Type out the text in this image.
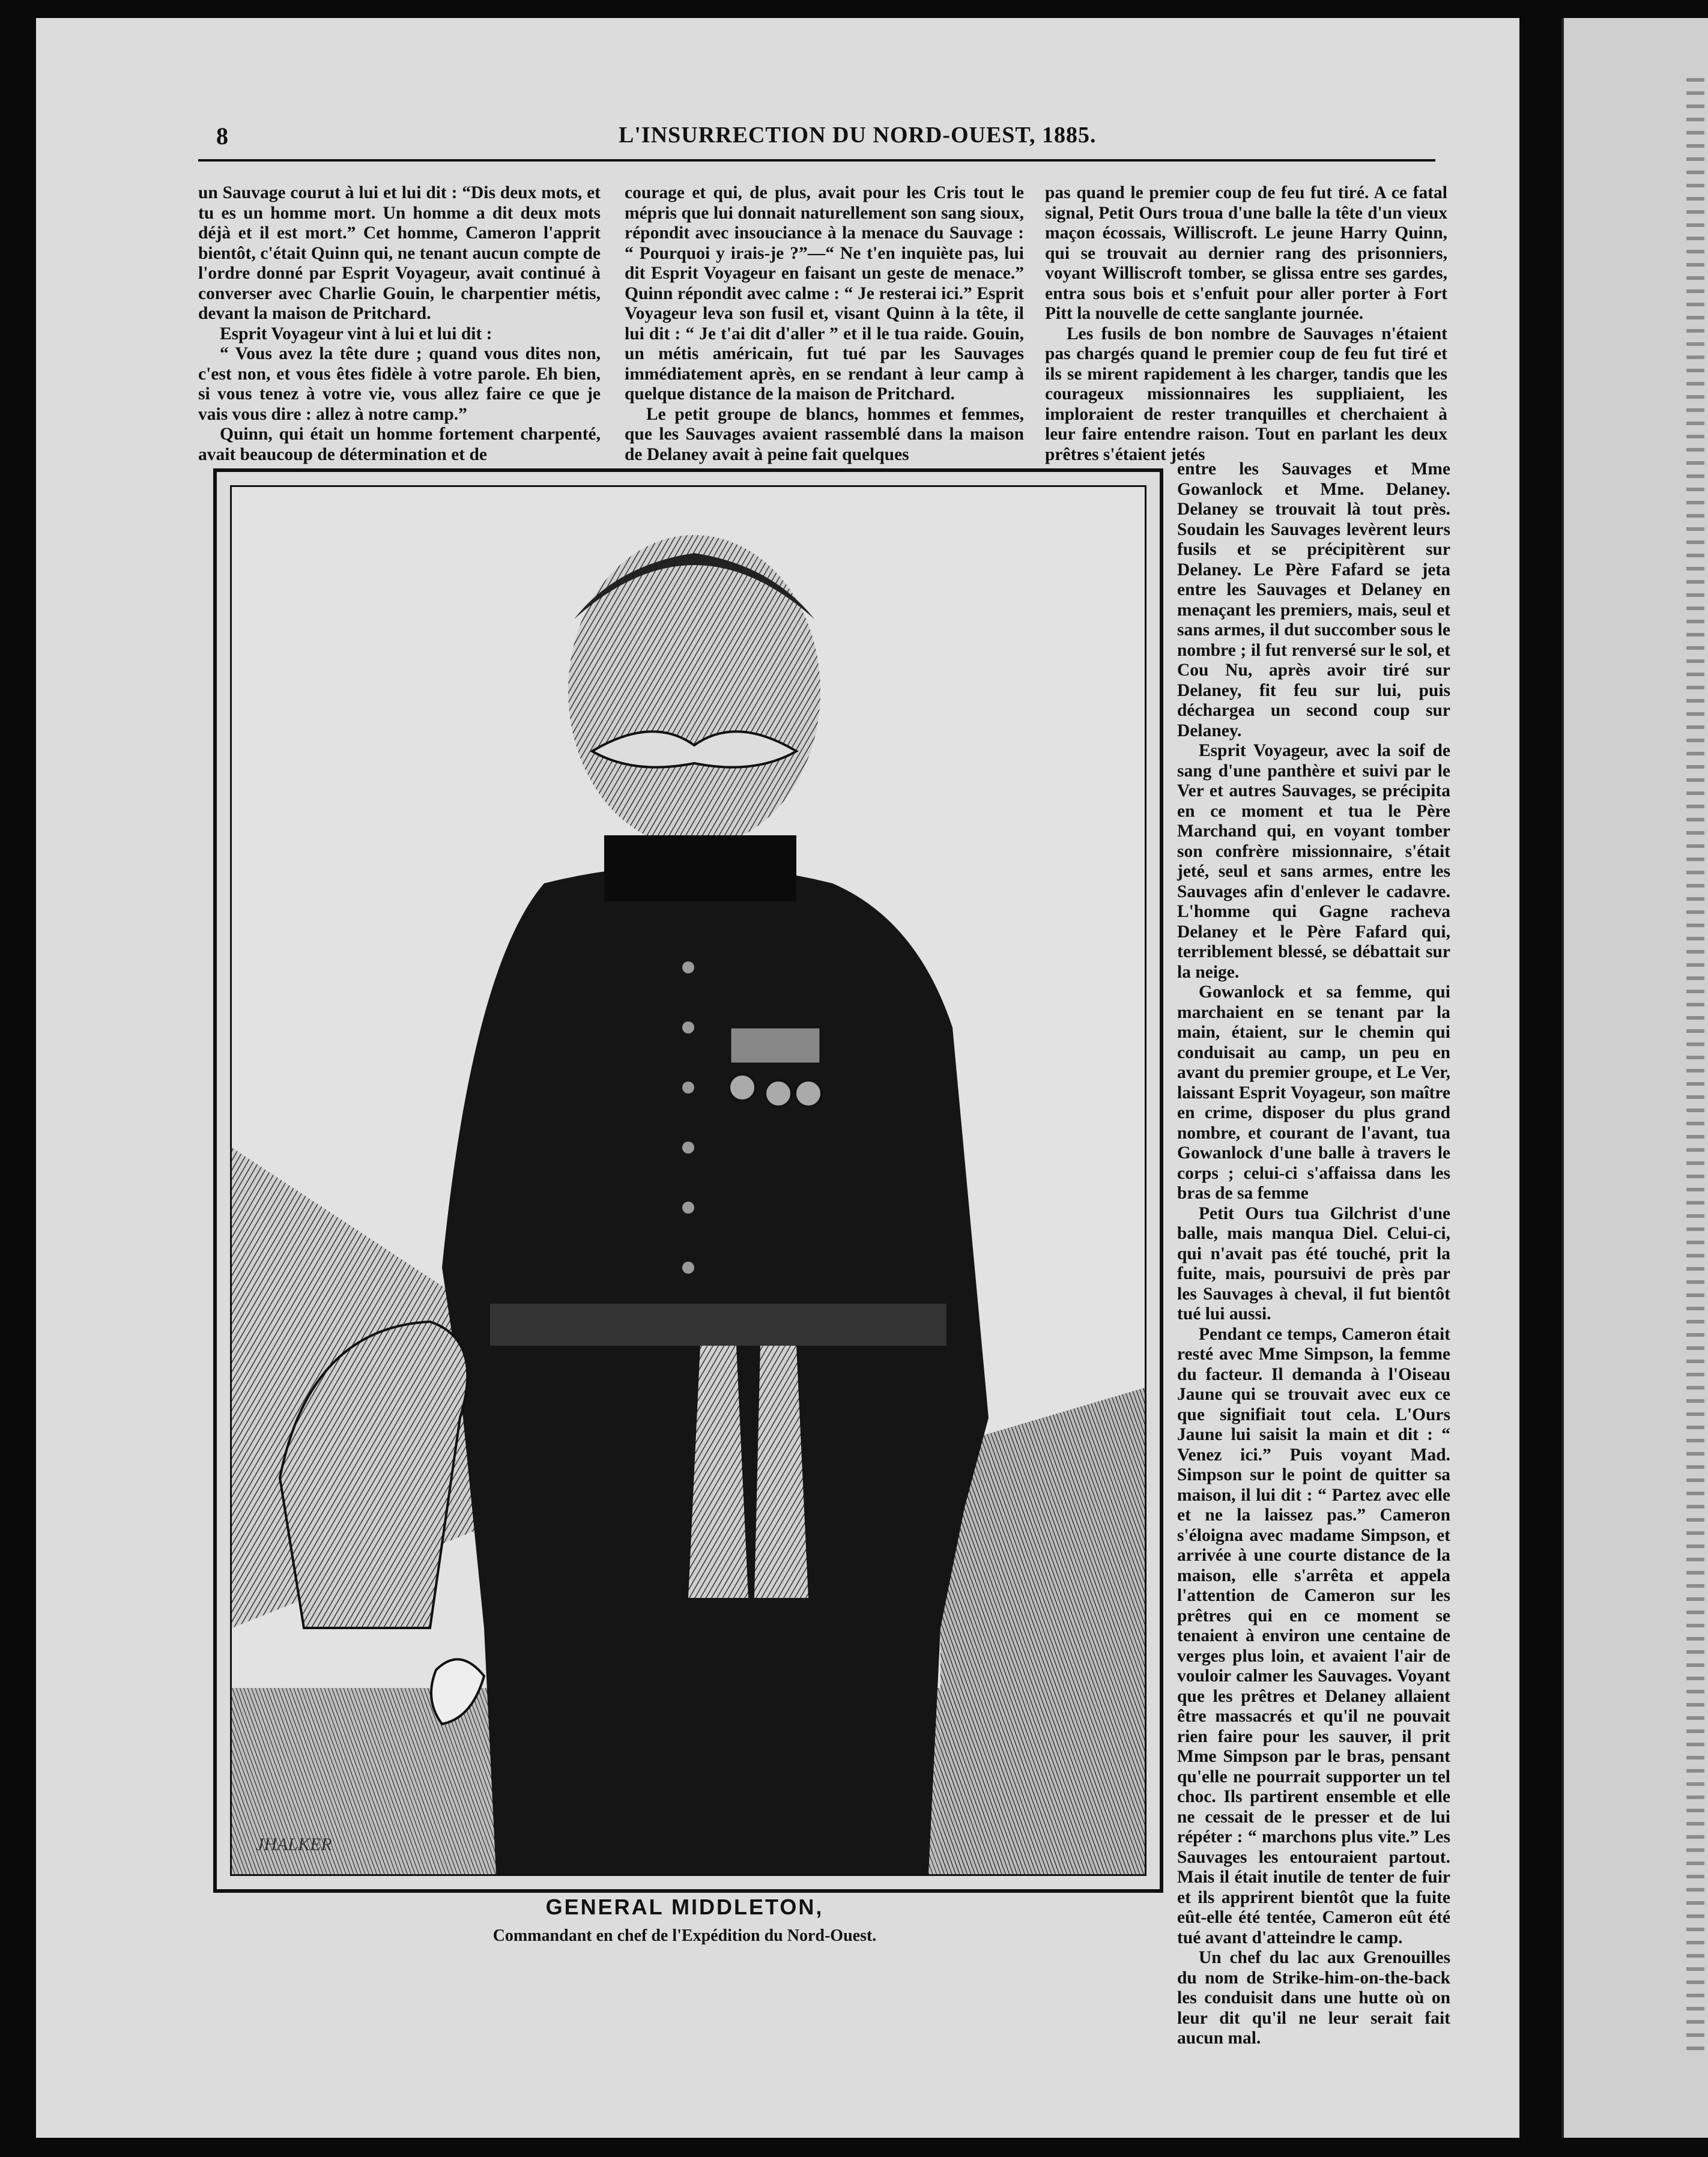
8	L'INSURRECTION DU NORD-OUEST, 1885.

un Sauvage courut à lui et lui dit : “Dis deux mots, et tu es un homme mort. Un homme a dit deux mots déjà et il est mort.” Cet homme, Cameron l'apprit bientôt, c'était Quinn qui, ne tenant aucun compte de l'ordre donné par Esprit Voyageur, avait continué à converser avec Charlie Gouin, le charpentier métis, devant la maison de Pritchard.

Esprit Voyageur vint à lui et lui dit :

“ Vous avez la tête dure ; quand vous dites non, c'est non, et vous êtes fidèle à votre parole. Eh bien, si vous tenez à votre vie, vous allez faire ce que je vais vous dire : allez à notre camp.”

Quinn, qui était un homme fortement charpenté, avait beaucoup de détermination et de

courage et qui, de plus, avait pour les Cris tout le mépris que lui donnait naturellement son sang sioux, répondit avec insouciance à la menace du Sauvage : “ Pourquoi y irais-je ?”—“ Ne t'en inquiète pas, lui dit Esprit Voyageur en faisant un geste de menace.” Quinn répondit avec calme : “ Je resterai ici.” Esprit Voyageur leva son fusil et, visant Quinn à la tête, il lui dit : “ Je t'ai dit d'aller ” et il le tua raide. Gouin, un métis américain, fut tué par les Sauvages immédiatement après, en se rendant à leur camp à quelque distance de la maison de Pritchard.

Le petit groupe de blancs, hommes et femmes, que les Sauvages avaient rassemblé dans la maison de Delaney avait à peine fait quelques

pas quand le premier coup de feu fut tiré. A ce fatal signal, Petit Ours troua d'une balle la tête d'un vieux maçon écossais, Williscroft. Le jeune Harry Quinn, qui se trouvait au dernier rang des prisonniers, voyant Williscroft tomber, se glissa entre ses gardes, entra sous bois et s'enfuit pour aller porter à Fort Pitt la nouvelle de cette sanglante journée.

Les fusils de bon nombre de Sauvages n'étaient pas chargés quand le premier coup de feu fut tiré et ils se mirent rapidement à les charger, tandis que les courageux missionnaires les suppliaient, les imploraient de rester tranquilles et cherchaient à leur faire entendre raison. Tout en parlant les deux prêtres s'étaient jetés

entre les Sauvages et Mme Gowanlock et Mme. Delaney. Delaney se trouvait là tout près. Soudain les Sauvages levèrent leurs fusils et se précipitèrent sur Delaney. Le Père Fafard se jeta entre les Sauvages et Delaney en menaçant les premiers, mais, seul et sans armes, il dut succomber sous le nombre ; il fut renversé sur le sol, et Cou Nu, après avoir tiré sur Delaney, fit feu sur lui, puis déchargea un second coup sur Delaney.

Esprit Voyageur, avec la soif de sang d'une panthère et suivi par le Ver et autres Sauvages, se précipita en ce moment et tua le Père Marchand qui, en voyant tomber son confrère missionnaire, s'était jeté, seul et sans armes, entre les Sauvages afin d'enlever le cadavre. L'homme qui Gagne racheva Delaney et le Père Fafard qui, terriblement blessé, se débattait sur la neige.

Gowanlock et sa femme, qui marchaient en se tenant par la main, étaient, sur le chemin qui conduisait au camp, un peu en avant du premier groupe, et Le Ver, laissant Esprit Voyageur, son maître en crime, disposer du plus grand nombre, et courant de l'avant, tua Gowanlock d'une balle à travers le corps ; celui-ci s'affaissa dans les bras de sa femme

Petit Ours tua Gilchrist d'une balle, mais manqua Diel. Celui-ci, qui n'avait pas été touché, prit la fuite, mais, poursuivi de près par les Sauvages à cheval, il fut bientôt tué lui aussi.

Pendant ce temps, Cameron était resté avec Mme Simpson, la femme du facteur. Il demanda à l'Oiseau Jaune qui se trouvait avec eux ce que signifiait tout cela. L'Ours Jaune lui saisit la main et dit : “ Venez ici.” Puis voyant Mad. Simpson sur le point de quitter sa maison, il lui dit : “ Partez avec elle et ne la laissez pas.” Cameron s'éloigna avec madame Simpson, et arrivée à une courte distance de la maison, elle s'arrêta et appela l'attention de Cameron sur les prêtres qui en ce moment se tenaient à environ une centaine de verges plus loin, et avaient l'air de vouloir calmer les Sauvages. Voyant que les prêtres et Delaney allaient être massacrés et qu'il ne pouvait rien faire pour les sauver, il prit Mme Simpson par le bras, pensant qu'elle ne pourrait supporter un tel choc. Ils partirent ensemble et elle ne cessait de le presser et de lui répéter : “ marchons plus vite.” Les Sauvages les entouraient partout. Mais il était inutile de tenter de fuir et ils apprirent bientôt que la fuite eût-elle été tentée, Cameron eût été tué avant d'atteindre le camp.

Un chef du lac aux Grenouilles du nom de Strike-him-on-the-back les conduisit dans une hutte où on leur dit qu'il ne leur serait fait aucun mal.

JHALKER
GENERAL MIDDLETON,
Commandant en chef de l'Expédition du Nord-Ouest.
